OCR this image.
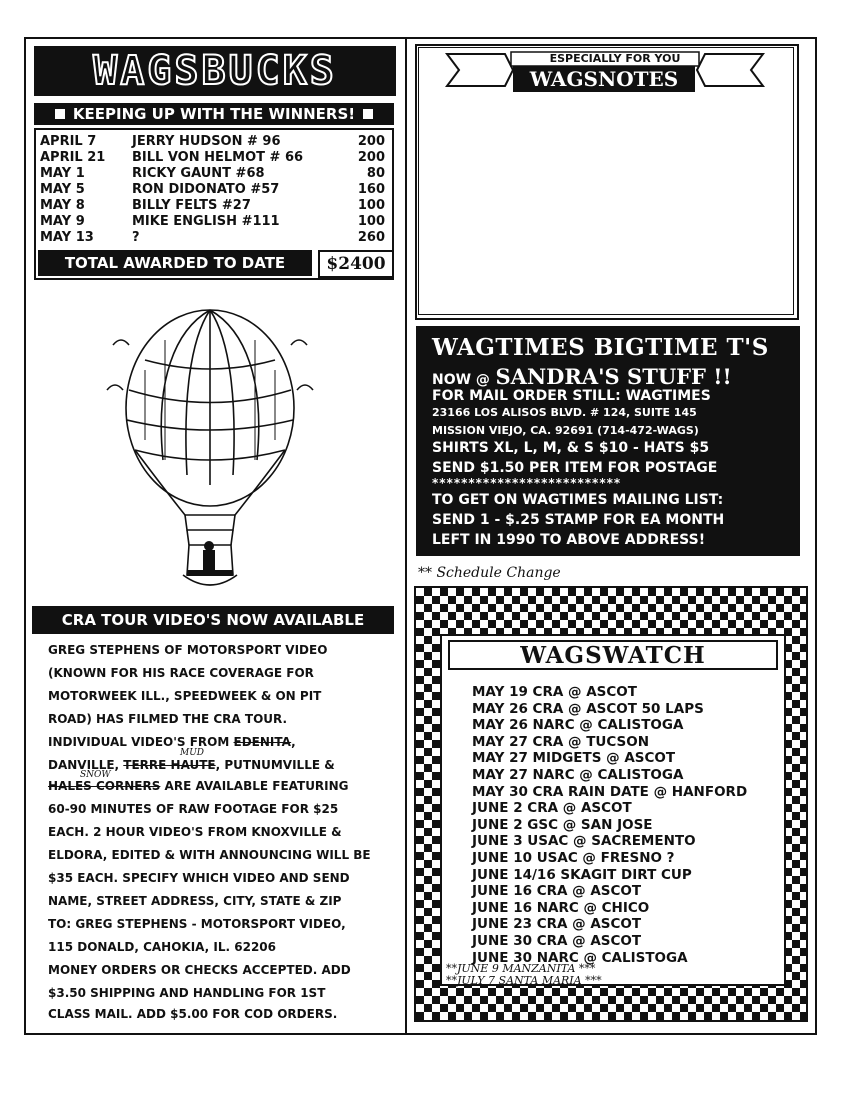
WAGSBUCKS
KEEPING UP WITH THE WINNERS!
APRIL 7	JERRY HUDSON # 96	200
APRIL 21 BILL VON HELMOT # 66	200
MAY 1	RICKY GAUNT #68	80
MAY 5	RON DIDONATO #57	160
MAY 8	BILLY FELTS #27	100
MAY 9	MIKE ENGLISH #111	100
MAY 13	?	260
TOTAL AWARDED TO DATE	$2400
CRA TOUR VIDEO'S NOW AVAILABLE
GREG STEPHENS OF MOTORSPORT VIDEO
(KNOWN FOR HIS RACE COVERAGE FOR
MOTORWEEK ILL., SPEEDWEEK & ON PIT
ROAD) HAS FILMED THE CRA TOUR.
INDIVIDUAL VIDEO'S FROM EDENITA,
MUD
DANVILLE, TERRE HAUTE, PUTNUMVILLE &
SNOW
HALES CORNERS ARE AVAILABLE FEATURING
60-90 MINUTES OF RAW FOOTAGE FOR $25
EACH. 2 HOUR VIDEO'S FROM KNOXVILLE &
ELDORA, EDITED & WITH ANNOUNCING WILL BE
$35 EACH. SPECIFY WHICH VIDEO AND SEND
NAME, STREET ADDRESS, CITY, STATE & ZIP
TO: GREG STEPHENS - MOTORSPORT VIDEO,
115 DONALD, CAHOKIA, IL. 62206
MONEY ORDERS OR CHECKS ACCEPTED. ADD
$3.50 SHIPPING AND HANDLING FOR 1ST
CLASS MAIL. ADD $5.00 FOR COD ORDERS.
ESPECIALLY FOR YOU
WAGSNOTES
WAGTIMES BIGTIME T'S
NOW @ SANDRA'S STUFF !!
FOR MAIL ORDER STILL: WAGTIMES
23166 LOS ALISOS BLVD. # 124, SUITE 145
MISSION VIEJO, CA. 92691 (714-472-WAGS)
SHIRTS XL, L, M, & S $10 - HATS $5
SEND $1.50 PER ITEM FOR POSTAGE
**************************
TO GET ON WAGTIMES MAILING LIST:
SEND 1 - $.25 STAMP FOR EA MONTH
LEFT IN 1990 TO ABOVE ADDRESS!
** Schedule Change
WAGSWATCH
MAY 19 CRA @ ASCOT
MAY 26 CRA @ ASCOT 50 LAPS
MAY 26 NARC @ CALISTOGA
MAY 27 CRA @ TUCSON
MAY 27 MIDGETS @ ASCOT
MAY 27 NARC @ CALISTOGA
MAY 30 CRA RAIN DATE @ HANFORD
JUNE 2 CRA @ ASCOT
JUNE 2 GSC @ SAN JOSE
JUNE 3 USAC @ SACREMENTO
JUNE 10 USAC @ FRESNO ?
JUNE 14/16 SKAGIT DIRT CUP
JUNE 16 CRA @ ASCOT
JUNE 16 NARC @ CHICO
JUNE 23 CRA @ ASCOT
JUNE 30 CRA @ ASCOT
JUNE 30 NARC @ CALISTOGA
**JUNE 9 MANZANITA ***
**JULY 7 SANTA MARIA ***
